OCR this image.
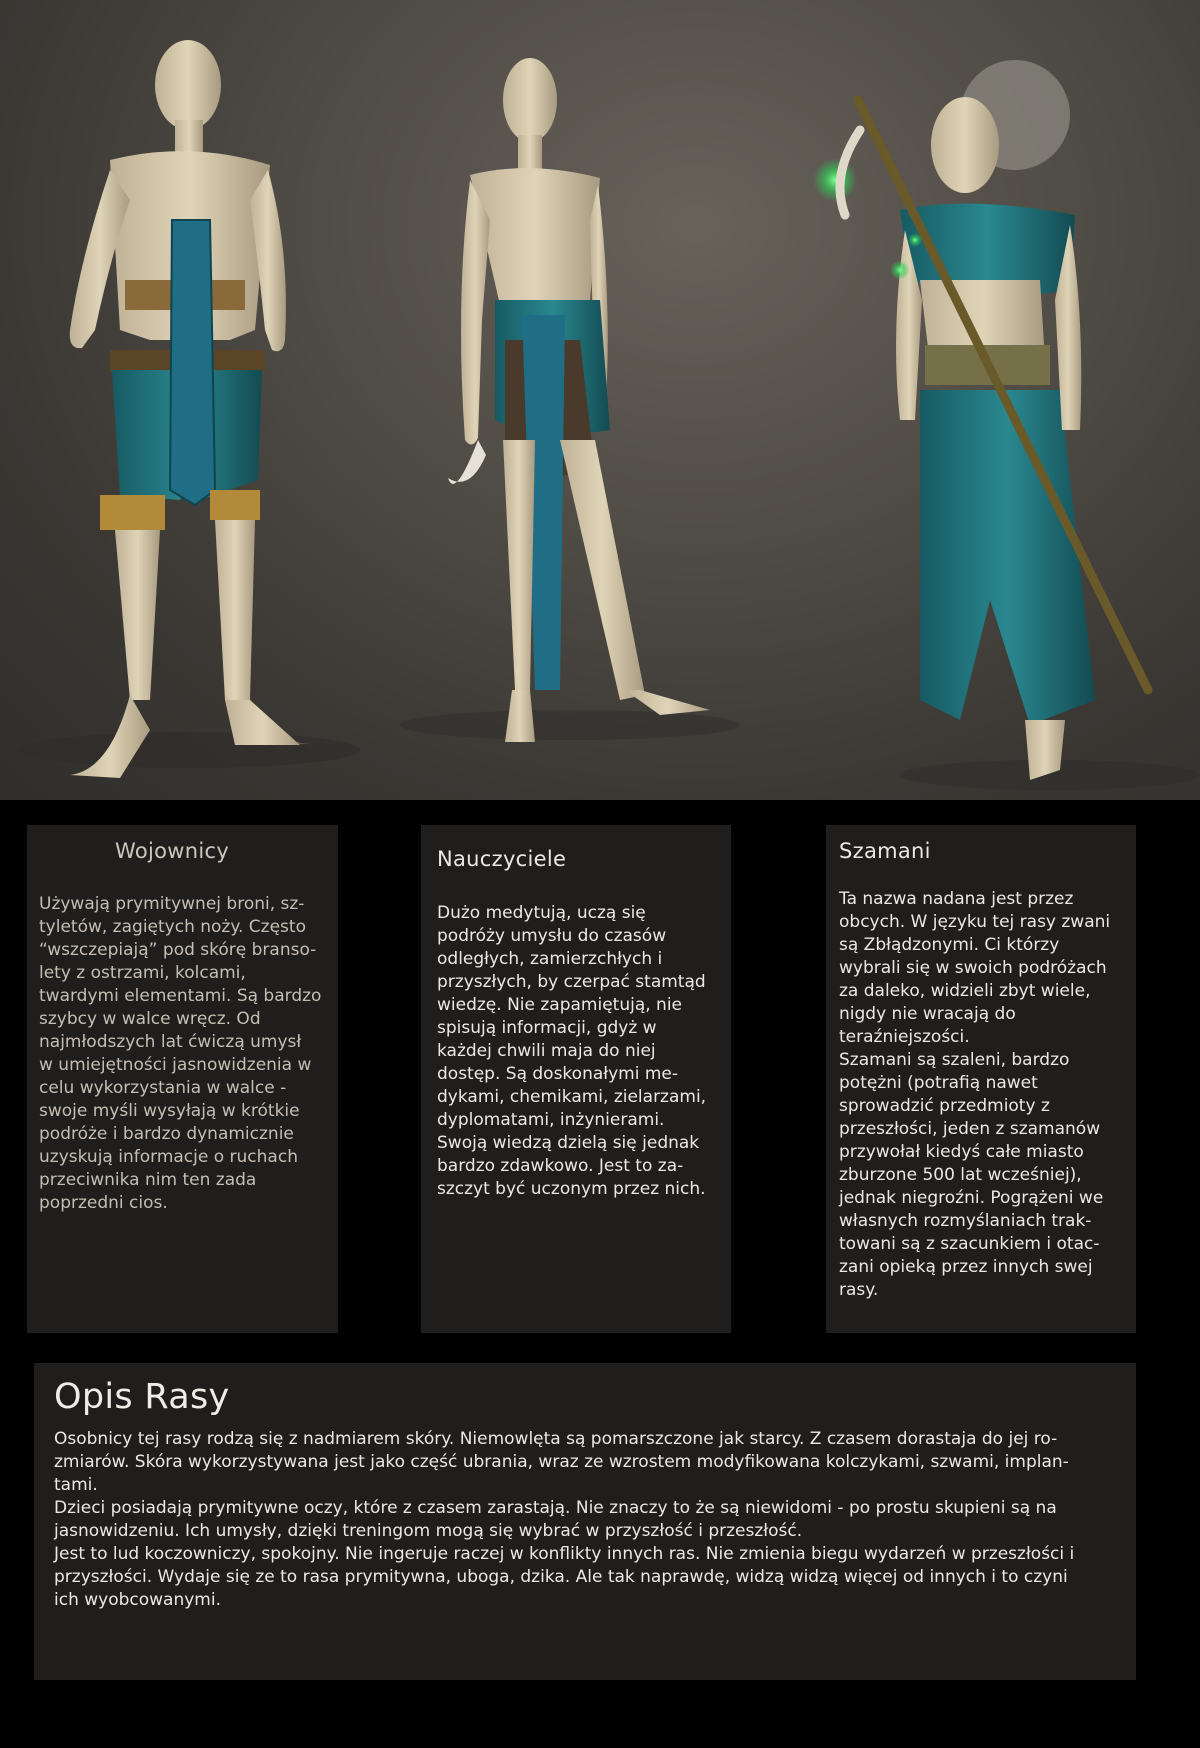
Wojownicy

Używają prymitywnej broni, sz-
tyletów, zagiętych noży. Często
“wszczepiają” pod skórę branso-
lety z ostrzami, kolcami,
twardymi elementami. Są bardzo
szybcy w walce wręcz. Od
najmłodszych lat ćwiczą umysł
w umiejętności jasnowidzenia w
celu wykorzystania w walce -
swoje myśli wysyłają w krótkie
podróże i bardzo dynamicznie
uzyskują informacje o ruchach
przeciwnika nim ten zada
poprzedni cios.

Nauczyciele

Dużo medytują, uczą się
podróży umysłu do czasów
odległych, zamierzchłych i
przyszłych, by czerpać stamtąd
wiedzę. Nie zapamiętują, nie
spisują informacji, gdyż w
każdej chwili maja do niej
dostęp. Są doskonałymi me-
dykami, chemikami, zielarzami,
dyplomatami, inżynierami.
Swoją wiedzą dzielą się jednak
bardzo zdawkowo. Jest to za-
szczyt być uczonym przez nich.

Szamani

Ta nazwa nadana jest przez
obcych. W języku tej rasy zwani
są Zbłądzonymi. Ci którzy
wybrali się w swoich podróżach
za daleko, widzieli zbyt wiele,
nigdy nie wracają do
teraźniejszości.
Szamani są szaleni, bardzo
potężni (potrafią nawet
sprowadzić przedmioty z
przeszłości, jeden z szamanów
przywołał kiedyś całe miasto
zburzone 500 lat wcześniej),
jednak niegroźni. Pogrążeni we
własnych rozmyślaniach trak-
towani są z szacunkiem i otac-
zani opieką przez innych swej
rasy.

Opis Rasy

Osobnicy tej rasy rodzą się z nadmiarem skóry. Niemowlęta są pomarszczone jak starcy. Z czasem dorastaja do jej ro-
zmiarów. Skóra wykorzystywana jest jako część ubrania, wraz ze wzrostem modyfikowana kolczykami, szwami, implan-
tami.
Dzieci posiadają prymitywne oczy, które z czasem zarastają. Nie znaczy to że są niewidomi - po prostu skupieni są na
jasnowidzeniu. Ich umysły, dzięki treningom mogą się wybrać w przyszłość i przeszłość.
Jest to lud koczowniczy, spokojny. Nie ingeruje raczej w konflikty innych ras. Nie zmienia biegu wydarzeń w przeszłości i
przyszłości. Wydaje się ze to rasa prymitywna, uboga, dzika. Ale tak naprawdę, widzą widzą więcej od innych i to czyni
ich wyobcowanymi.
